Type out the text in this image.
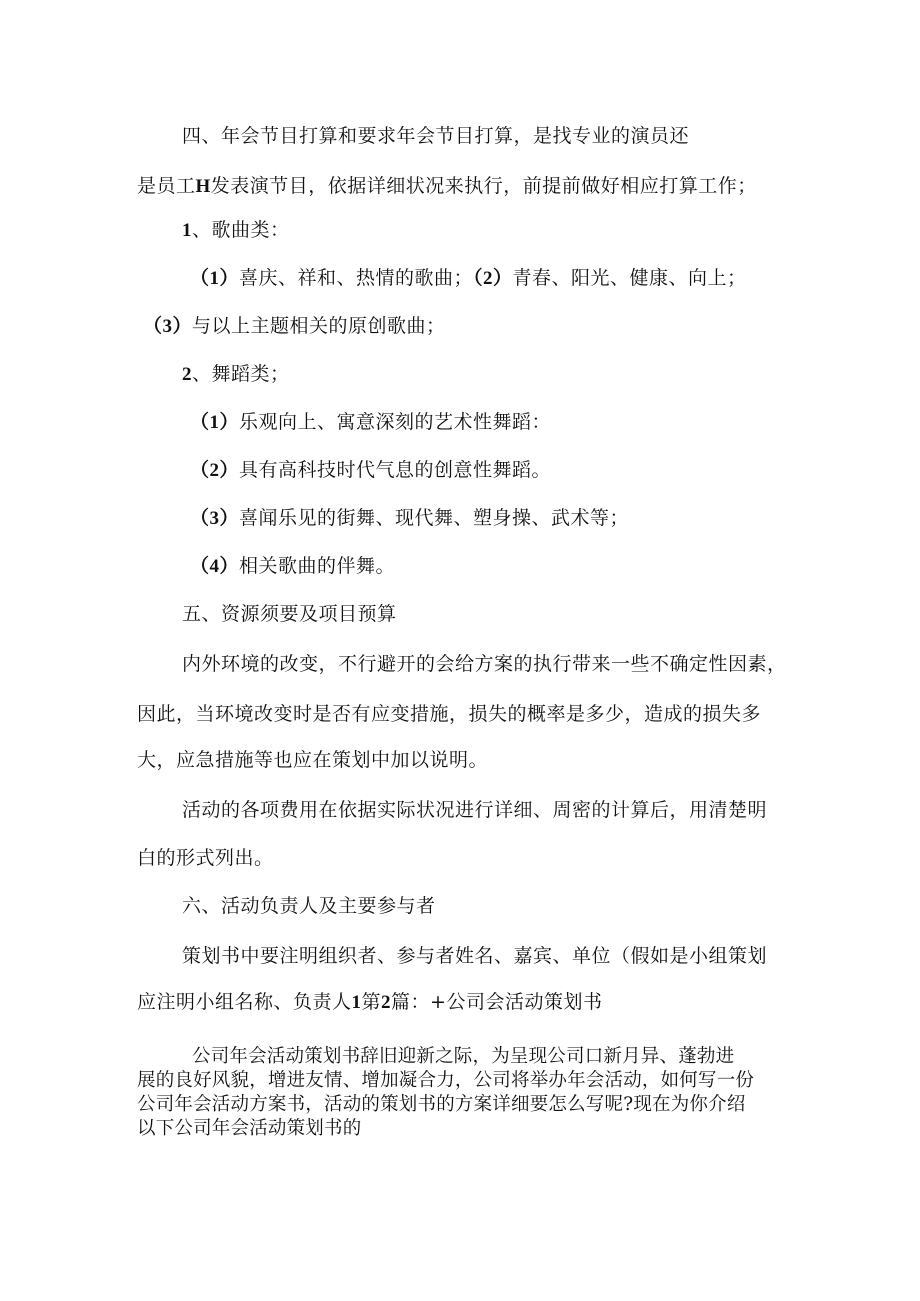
四、年会节目打算和要求年会节目打算，是找专业的演员还
是员工H发表演节目，依据详细状况来执行，前提前做好相应打算工作；
1、歌曲类：
（1）喜庆、祥和、热情的歌曲；（2）青春、阳光、健康、向上；
（3）与以上主题相关的原创歌曲；
2、舞蹈类；
（1）乐观向上、寓意深刻的艺术性舞蹈：
（2）具有高科技时代气息的创意性舞蹈。
（3）喜闻乐见的街舞、现代舞、塑身操、武术等；
（4）相关歌曲的伴舞。
五、资源须要及项目预算
内外环境的改变，不行避开的会给方案的执行带来一些不确定性因素，
因此，当环境改变时是否有应变措施，损失的概率是多少，造成的损失多
大，应急措施等也应在策划中加以说明。
活动的各项费用在依据实际状况进行详细、周密的计算后，用清楚明
白的形式列出。
六、活动负责人及主要参与者
策划书中要注明组织者、参与者姓名、嘉宾、单位（假如是小组策划
应注明小组名称、负责人1第2篇：+公司会活动策划书
公司年会活动策划书辞旧迎新之际，为呈现公司口新月异、蓬勃进
展的良好风貌，增进友情、增加凝合力，公司将举办年会活动，如何写一份
公司年会活动方案书，活动的策划书的方案详细要怎么写呢?现在为你介绍
以下公司年会活动策划书的
